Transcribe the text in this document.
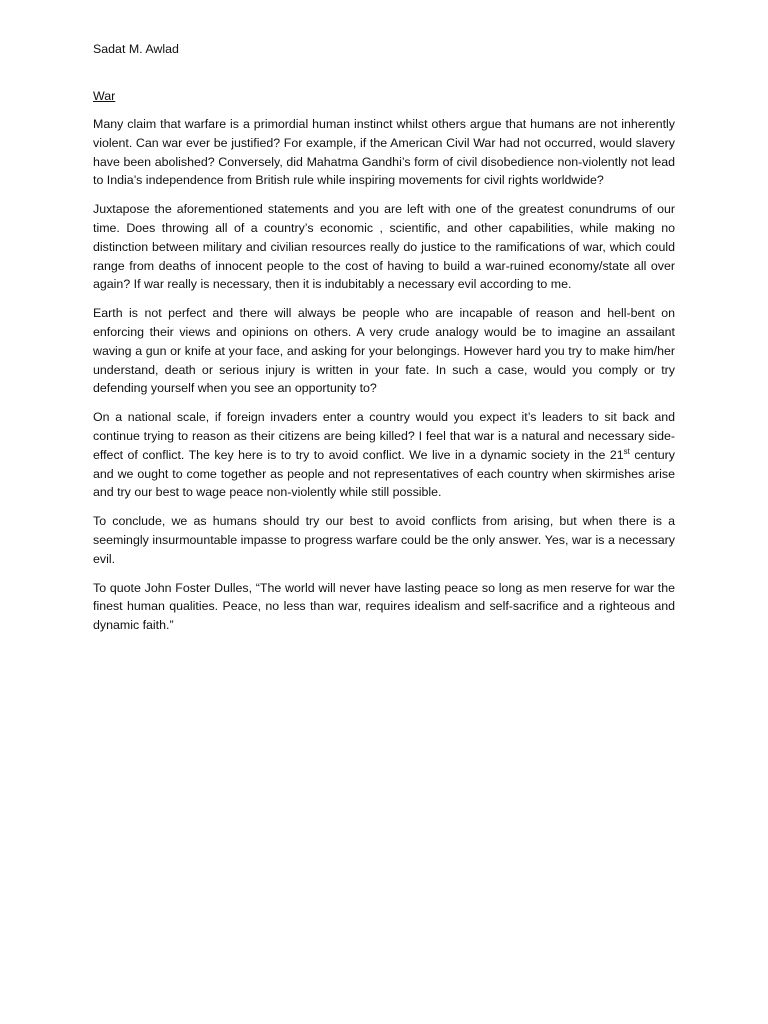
Sadat M. Awlad
War

Many claim that warfare is a primordial human instinct whilst others argue that humans are not inherently violent. Can war ever be justified? For example, if the American Civil War had not occurred, would slavery have been abolished? Conversely, did Mahatma Gandhi’s form of civil disobedience non-violently not lead to India’s independence from British rule while inspiring movements for civil rights worldwide?

Juxtapose the aforementioned statements and you are left with one of the greatest conundrums of our time. Does throwing all of a country’s economic , scientific, and other capabilities, while making no distinction between military and civilian resources really do justice to the ramifications of war, which could range from deaths of innocent people to the cost of having to build a war-ruined economy/state all over again? If war really is necessary, then it is indubitably a necessary evil according to me.

Earth is not perfect and there will always be people who are incapable of reason and hell-bent on enforcing their views and opinions on others. A very crude analogy would be to imagine an assailant waving a gun or knife at your face, and asking for your belongings. However hard you try to make him/her understand, death or serious injury is written in your fate. In such a case, would you comply or try defending yourself when you see an opportunity to?

On a national scale, if foreign invaders enter a country would you expect it’s leaders to sit back and continue trying to reason as their citizens are being killed? I feel that war is a natural and necessary side-effect of conflict. The key here is to try to avoid conflict. We live in a dynamic society in the 21st century and we ought to come together as people and not representatives of each country when skirmishes arise and try our best to wage peace non-violently while still possible.

To conclude, we as humans should try our best to avoid conflicts from arising, but when there is a seemingly insurmountable impasse to progress warfare could be the only answer. Yes, war is a necessary evil.

To quote John Foster Dulles, “The world will never have lasting peace so long as men reserve for war the finest human qualities. Peace, no less than war, requires idealism and self-sacrifice and a righteous and dynamic faith.”
